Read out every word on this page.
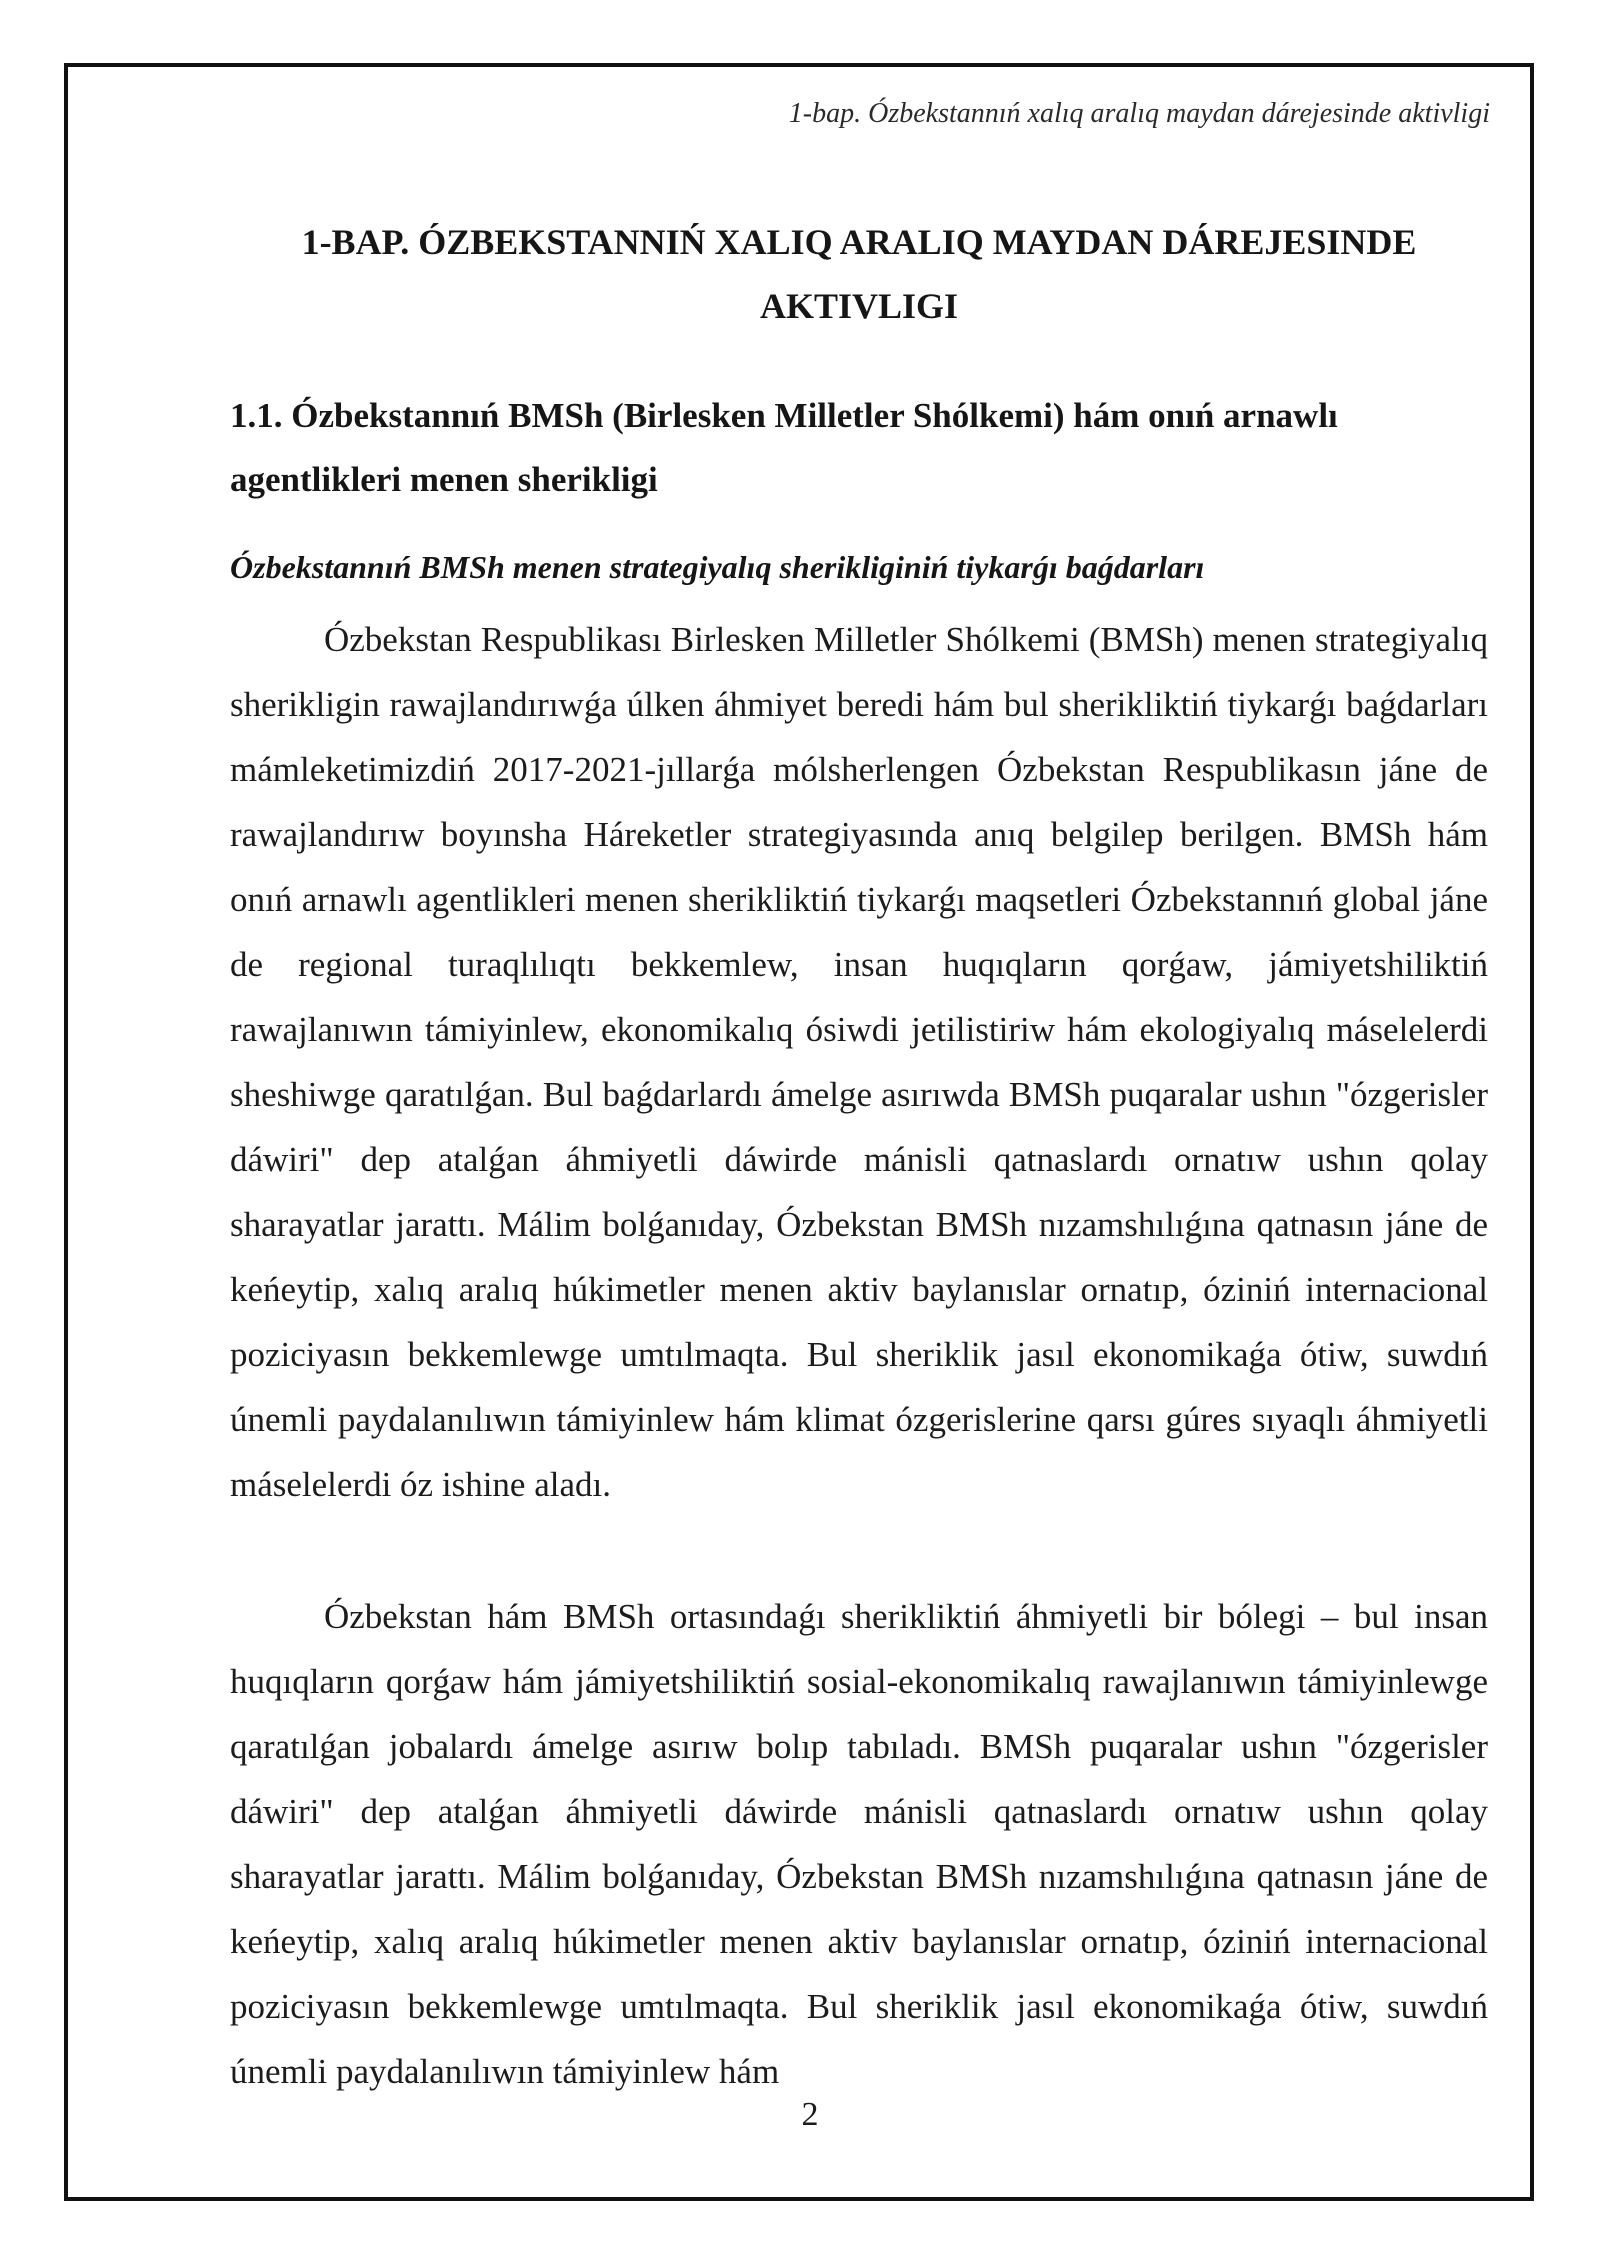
1-bap. Ózbekstannıń xalıq aralıq maydan dárejesinde aktivligi
1-BAP. ÓZBEKSTANNIŃ XALIQ ARALIQ MAYDAN DÁREJESINDE
AKTIVLIGI
1.1. Ózbekstannıń BMSh (Birlesken Milletler Shólkemi) hám onıń arnawlı
agentlikleri menen sherikligi
Ózbekstannıń BMSh menen strategiyalıq sherikliginiń tiykarǵı baǵdarları

Ózbekstan Respublikası Birlesken Milletler Shólkemi (BMSh) menen strategiyalıq sherikligin rawajlandırıwǵa úlken áhmiyet beredi hám bul sherikliktiń tiykarǵı baǵdarları mámleketimizdiń 2017-2021-jıllarǵa mólsherlengen Ózbekstan Respublikasın jáne de rawajlandırıw boyınsha Háreketler strategiyasında anıq belgilep berilgen. BMSh hám onıń arnawlı agentlikleri menen sherikliktiń tiykarǵı maqsetleri Ózbekstannıń global jáne de regional turaqlılıqtı bekkemlew, insan huqıqların qorǵaw, jámiyetshiliktiń rawajlanıwın támiyinlew, ekonomikalıq ósiwdi jetilistiriw hám ekologiyalıq máselelerdi sheshiwge qaratılǵan. Bul baǵdarlardı ámelge asırıwda BMSh puqaralar ushın "ózgerisler dáwiri" dep atalǵan áhmiyetli dáwirde mánisli qatnaslardı ornatıw ushın qolay sharayatlar jarattı. Málim bolǵanıday, Ózbekstan BMSh nızamshılıǵına qatnasın jáne de keńeytip, xalıq aralıq húkimetler menen aktiv baylanıslar ornatıp, óziniń internacional poziciyasın bekkemlewge umtılmaqta. Bul sheriklik jasıl ekonomikaǵa ótiw, suwdıń únemli paydalanılıwın támiyinlew hám klimat ózgerislerine qarsı gúres sıyaqlı áhmiyetli máselelerdi óz ishine aladı.

Ózbekstan hám BMSh ortasındaǵı sherikliktiń áhmiyetli bir bólegi – bul insan huqıqların qorǵaw hám jámiyetshiliktiń sosial-ekonomikalıq rawajlanıwın támiyinlewge qaratılǵan jobalardı ámelge asırıw bolıp tabıladı. BMSh puqaralar ushın "ózgerisler dáwiri" dep atalǵan áhmiyetli dáwirde mánisli qatnaslardı ornatıw ushın qolay sharayatlar jarattı. Málim bolǵanıday, Ózbekstan BMSh nızamshılıǵına qatnasın jáne de keńeytip, xalıq aralıq húkimetler menen aktiv baylanıslar ornatıp, óziniń internacional poziciyasın bekkemlewge umtılmaqta. Bul sheriklik jasıl ekonomikaǵa ótiw, suwdıń únemli paydalanılıwın támiyinlew hám

2
